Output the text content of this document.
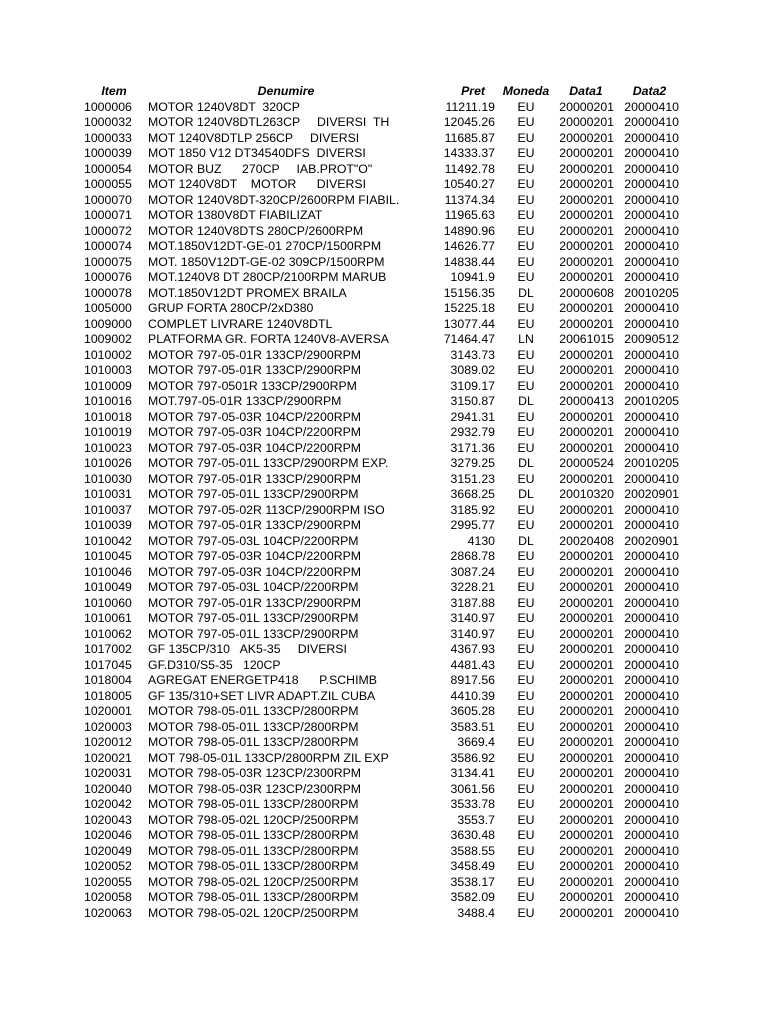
Item	Denumire	Pret	Moneda	Data1	Data2
1000006	MOTOR 1240V8DT  320CP	11211.19	EU	20000201	20000410
1000032	MOTOR 1240V8DTL263CP     DIVERSI  TH	12045.26	EU	20000201	20000410
1000033	MOT 1240V8DTLP 256CP     DIVERSI	11685.87	EU	20000201	20000410
1000039	MOT 1850 V12 DT34540DFS  DIVERSI	14333.37	EU	20000201	20000410
1000054	MOTOR BUZ      270CP     IAB.PROT"O"	11492.78	EU	20000201	20000410
1000055	MOT 1240V8DT    MOTOR      DIVERSI	10540.27	EU	20000201	20000410
1000070	MOTOR 1240V8DT-320CP/2600RPM FIABIL.	11374.34	EU	20000201	20000410
1000071	MOTOR 1380V8DT FIABILIZAT	11965.63	EU	20000201	20000410
1000072	MOTOR 1240V8DTS 280CP/2600RPM	14890.96	EU	20000201	20000410
1000074	MOT.1850V12DT-GE-01 270CP/1500RPM	14626.77	EU	20000201	20000410
1000075	MOT. 1850V12DT-GE-02 309CP/1500RPM	14838.44	EU	20000201	20000410
1000076	MOT.1240V8 DT 280CP/2100RPM MARUB	10941.9	EU	20000201	20000410
1000078	MOT.1850V12DT PROMEX BRAILA	15156.35	DL	20000608	20010205
1005000	GRUP FORTA 280CP/2xD380	15225.18	EU	20000201	20000410
1009000	COMPLET LIVRARE 1240V8DTL	13077.44	EU	20000201	20000410
1009002	PLATFORMA GR. FORTA 1240V8-AVERSA	71464.47	LN	20061015	20090512
1010002	MOTOR 797-05-01R 133CP/2900RPM	3143.73	EU	20000201	20000410
1010003	MOTOR 797-05-01R 133CP/2900RPM	3089.02	EU	20000201	20000410
1010009	MOTOR 797-0501R 133CP/2900RPM	3109.17	EU	20000201	20000410
1010016	MOT.797-05-01R 133CP/2900RPM	3150.87	DL	20000413	20010205
1010018	MOTOR 797-05-03R 104CP/2200RPM	2941.31	EU	20000201	20000410
1010019	MOTOR 797-05-03R 104CP/2200RPM	2932.79	EU	20000201	20000410
1010023	MOTOR 797-05-03R 104CP/2200RPM	3171.36	EU	20000201	20000410
1010026	MOTOR 797-05-01L 133CP/2900RPM EXP.	3279.25	DL	20000524	20010205
1010030	MOTOR 797-05-01R 133CP/2900RPM	3151.23	EU	20000201	20000410
1010031	MOTOR 797-05-01L 133CP/2900RPM	3668.25	DL	20010320	20020901
1010037	MOTOR 797-05-02R 113CP/2900RPM ISO	3185.92	EU	20000201	20000410
1010039	MOTOR 797-05-01R 133CP/2900RPM	2995.77	EU	20000201	20000410
1010042	MOTOR 797-05-03L 104CP/2200RPM	4130	DL	20020408	20020901
1010045	MOTOR 797-05-03R 104CP/2200RPM	2868.78	EU	20000201	20000410
1010046	MOTOR 797-05-03R 104CP/2200RPM	3087.24	EU	20000201	20000410
1010049	MOTOR 797-05-03L 104CP/2200RPM	3228.21	EU	20000201	20000410
1010060	MOTOR 797-05-01R 133CP/2900RPM	3187.88	EU	20000201	20000410
1010061	MOTOR 797-05-01L 133CP/2900RPM	3140.97	EU	20000201	20000410
1010062	MOTOR 797-05-01L 133CP/2900RPM	3140.97	EU	20000201	20000410
1017002	GF 135CP/310   AK5-35     DIVERSI	4367.93	EU	20000201	20000410
1017045	GF.D310/S5-35   120CP	4481.43	EU	20000201	20000410
1018004	AGREGAT ENERGETP418      P.SCHIMB	8917.56	EU	20000201	20000410
1018005	GF 135/310+SET LIVR ADAPT.ZIL CUBA	4410.39	EU	20000201	20000410
1020001	MOTOR 798-05-01L 133CP/2800RPM	3605.28	EU	20000201	20000410
1020003	MOTOR 798-05-01L 133CP/2800RPM	3583.51	EU	20000201	20000410
1020012	MOTOR 798-05-01L 133CP/2800RPM	3669.4	EU	20000201	20000410
1020021	MOT 798-05-01L 133CP/2800RPM ZIL EXP	3586.92	EU	20000201	20000410
1020031	MOTOR 798-05-03R 123CP/2300RPM	3134.41	EU	20000201	20000410
1020040	MOTOR 798-05-03R 123CP/2300RPM	3061.56	EU	20000201	20000410
1020042	MOTOR 798-05-01L 133CP/2800RPM	3533.78	EU	20000201	20000410
1020043	MOTOR 798-05-02L 120CP/2500RPM	3553.7	EU	20000201	20000410
1020046	MOTOR 798-05-01L 133CP/2800RPM	3630.48	EU	20000201	20000410
1020049	MOTOR 798-05-01L 133CP/2800RPM	3588.55	EU	20000201	20000410
1020052	MOTOR 798-05-01L 133CP/2800RPM	3458.49	EU	20000201	20000410
1020055	MOTOR 798-05-02L 120CP/2500RPM	3538.17	EU	20000201	20000410
1020058	MOTOR 798-05-01L 133CP/2800RPM	3582.09	EU	20000201	20000410
1020063	MOTOR 798-05-02L 120CP/2500RPM	3488.4	EU	20000201	20000410
